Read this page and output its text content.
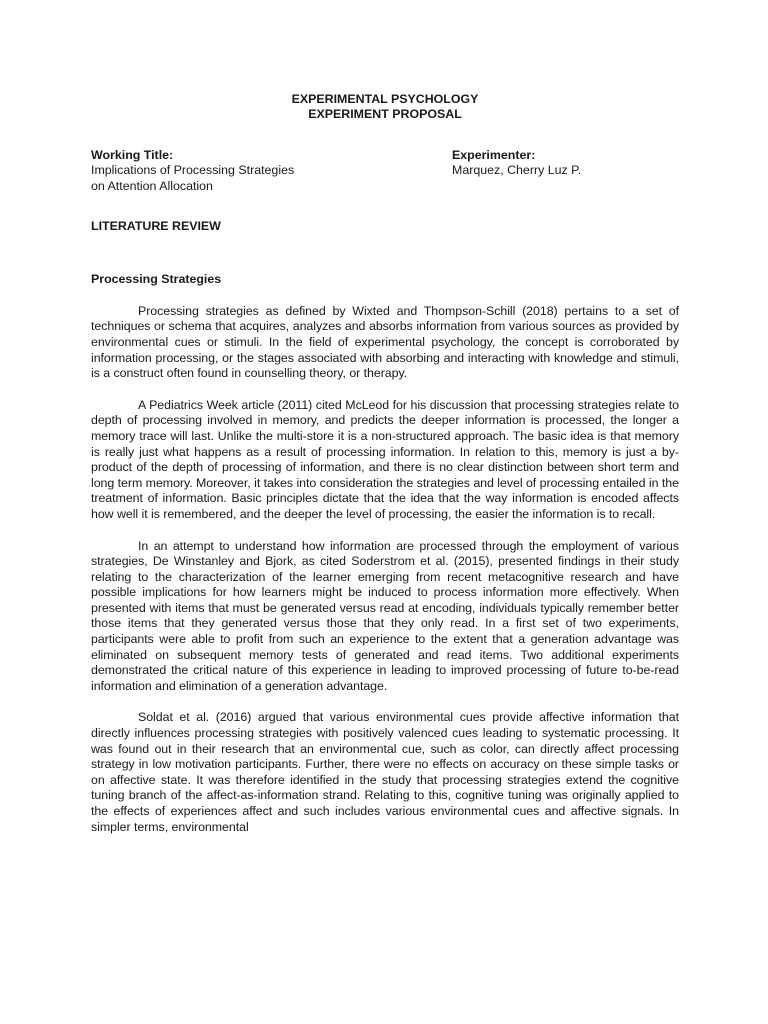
EXPERIMENTAL PSYCHOLOGY

EXPERIMENT PROPOSAL

Working Title:

Implications of Processing Strategies

on Attention Allocation

Experimenter:

Marquez, Cherry Luz P.

LITERATURE REVIEW

Processing Strategies

Processing strategies as defined by Wixted and Thompson-Schill (2018) pertains to a set of techniques or schema that acquires, analyzes and absorbs information from various sources as provided by environmental cues or stimuli. In the field of experimental psychology, the concept is corroborated by information processing, or the stages associated with absorbing and interacting with knowledge and stimuli, is a construct often found in counselling theory, or therapy.

A Pediatrics Week article (2011) cited McLeod for his discussion that processing strategies relate to depth of processing involved in memory, and predicts the deeper information is processed, the longer a memory trace will last. Unlike the multi-store it is a non-structured approach. The basic idea is that memory is really just what happens as a result of processing information. In relation to this, memory is just a by-product of the depth of processing of information, and there is no clear distinction between short term and long term memory. Moreover, it takes into consideration the strategies and level of processing entailed in the treatment of information. Basic principles dictate that the idea that the way information is encoded affects how well it is remembered, and the deeper the level of processing, the easier the information is to recall.

In an attempt to understand how information are processed through the employment of various strategies, De Winstanley and Bjork, as cited Soderstrom et al. (2015), presented findings in their study relating to the characterization of the learner emerging from recent metacognitive research and have possible implications for how learners might be induced to process information more effectively. When presented with items that must be generated versus read at encoding, individuals typically remember better those items that they generated versus those that they only read. In a first set of two experiments, participants were able to profit from such an experience to the extent that a generation advantage was eliminated on subsequent memory tests of generated and read items. Two additional experiments demonstrated the critical nature of this experience in leading to improved processing of future to-be-read information and elimination of a generation advantage.

Soldat et al. (2016) argued that various environmental cues provide affective information that directly influences processing strategies with positively valenced cues leading to systematic processing. It was found out in their research that an environmental cue, such as color, can directly affect processing strategy in low motivation participants. Further, there were no effects on accuracy on these simple tasks or on affective state. It was therefore identified in the study that processing strategies extend the cognitive tuning branch of the affect-as-information strand. Relating to this, cognitive tuning was originally applied to the effects of experiences affect and such includes various environmental cues and affective signals. In simpler terms, environmental
